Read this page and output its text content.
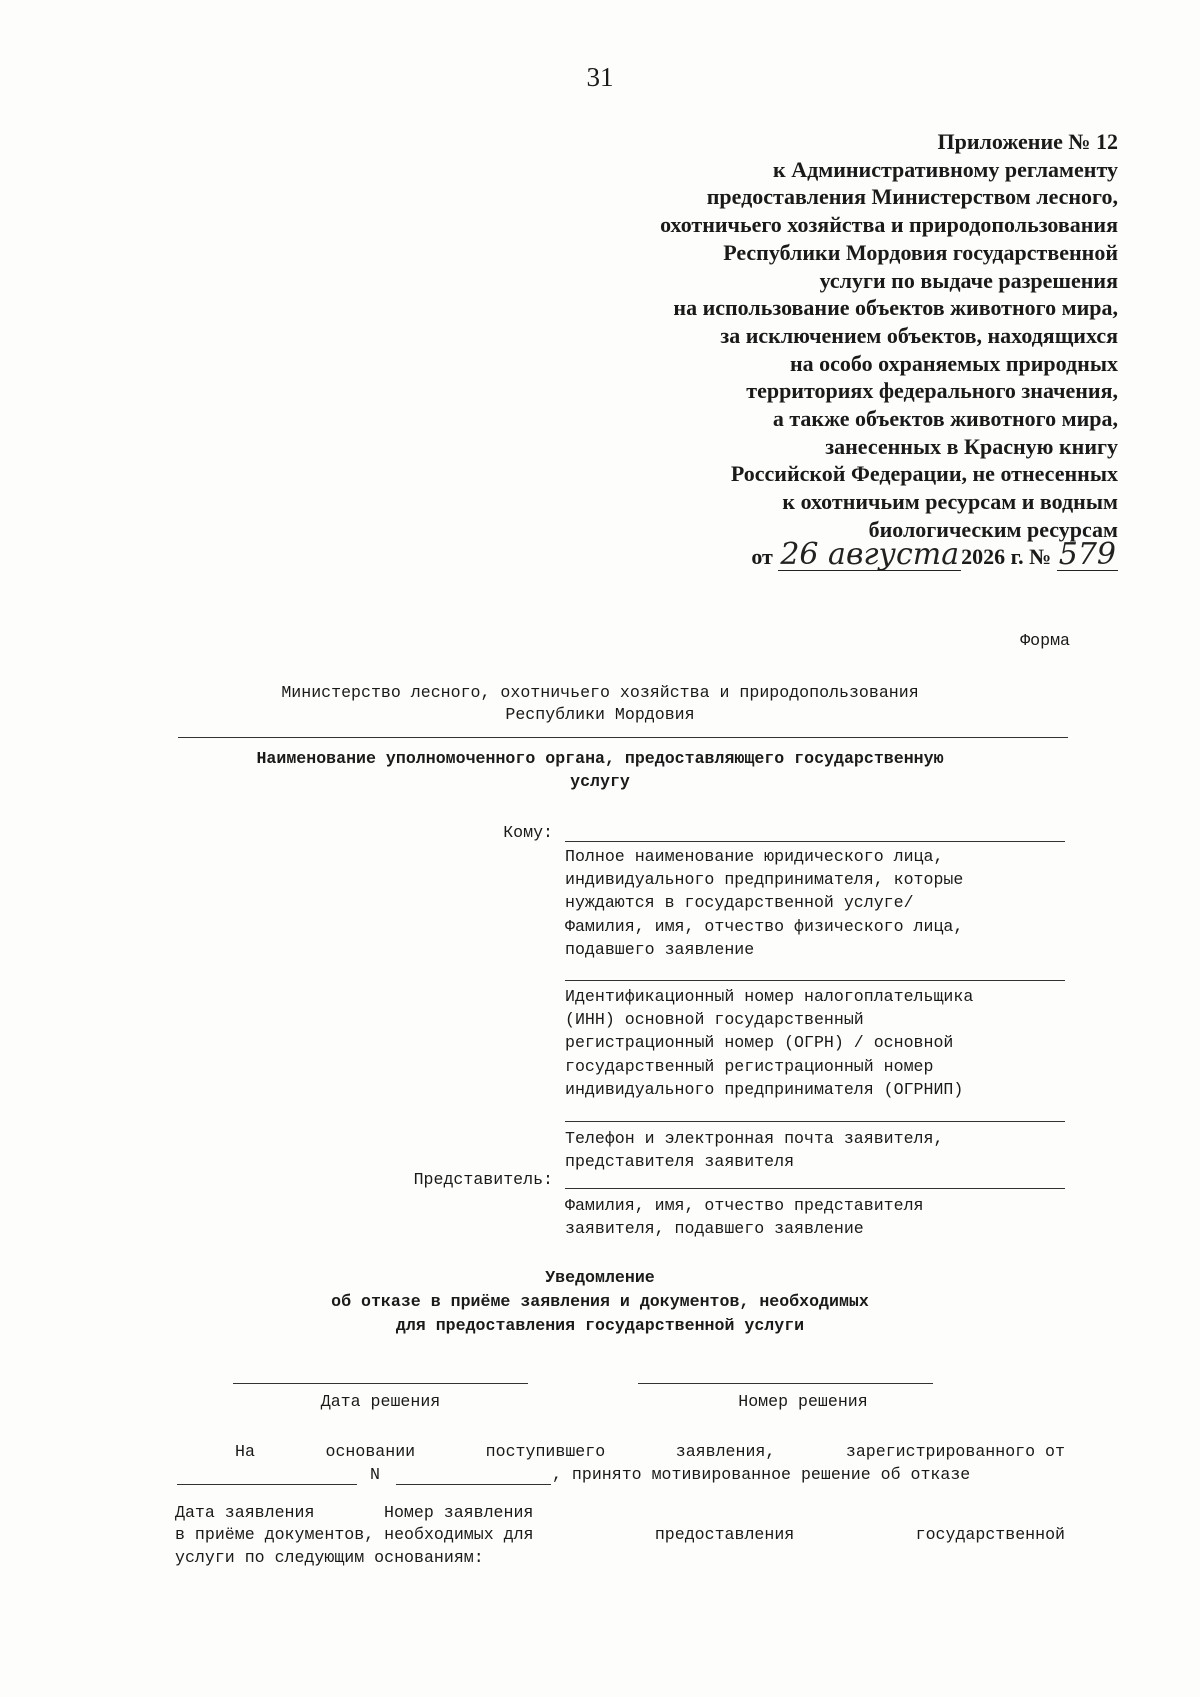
31
Приложение № 12
к Административному регламенту
предоставления Министерством лесного,
охотничьего хозяйства и природопользования
Республики Мордовия государственной
услуги по выдаче разрешения
на использование объектов животного мира,
за исключением объектов, находящихся
на особо охраняемых природных
территориях федерального значения,
а также объектов животного мира,
занесенных в Красную книгу
Российской Федерации, не отнесенных
к охотничьим ресурсам и водным
биологическим ресурсам
от 26 августа2026 г. № 579
Форма
Министерство лесного, охотничьего хозяйства и природопользования
Республики Мордовия
Наименование уполномоченного органа, предоставляющего государственную
услугу
Кому:
Полное наименование юридического лица,
индивидуального предпринимателя, которые
нуждаются в государственной услуге/
Фамилия, имя, отчество физического лица,
подавшего заявление
Идентификационный номер налогоплательщика
(ИНН) основной государственный
регистрационный номер (ОГРН) / основной
государственный регистрационный номер
индивидуального предпринимателя (ОГРНИП)
Телефон и электронная почта заявителя,
представителя заявителя
Представитель:
Фамилия, имя, отчество представителя
заявителя, подавшего заявление
Уведомление
об отказе в приёме заявления и документов, необходимых
для предоставления государственной услуги
Дата решения	Номер решения
На	основании	поступившего	заявления,	зарегистрированного от
N	, принято мотивированное решение об отказе
Дата заявления	Номер заявления
в приёме документов, необходимых для	предоставления	государственной
услуги по следующим основаниям:
